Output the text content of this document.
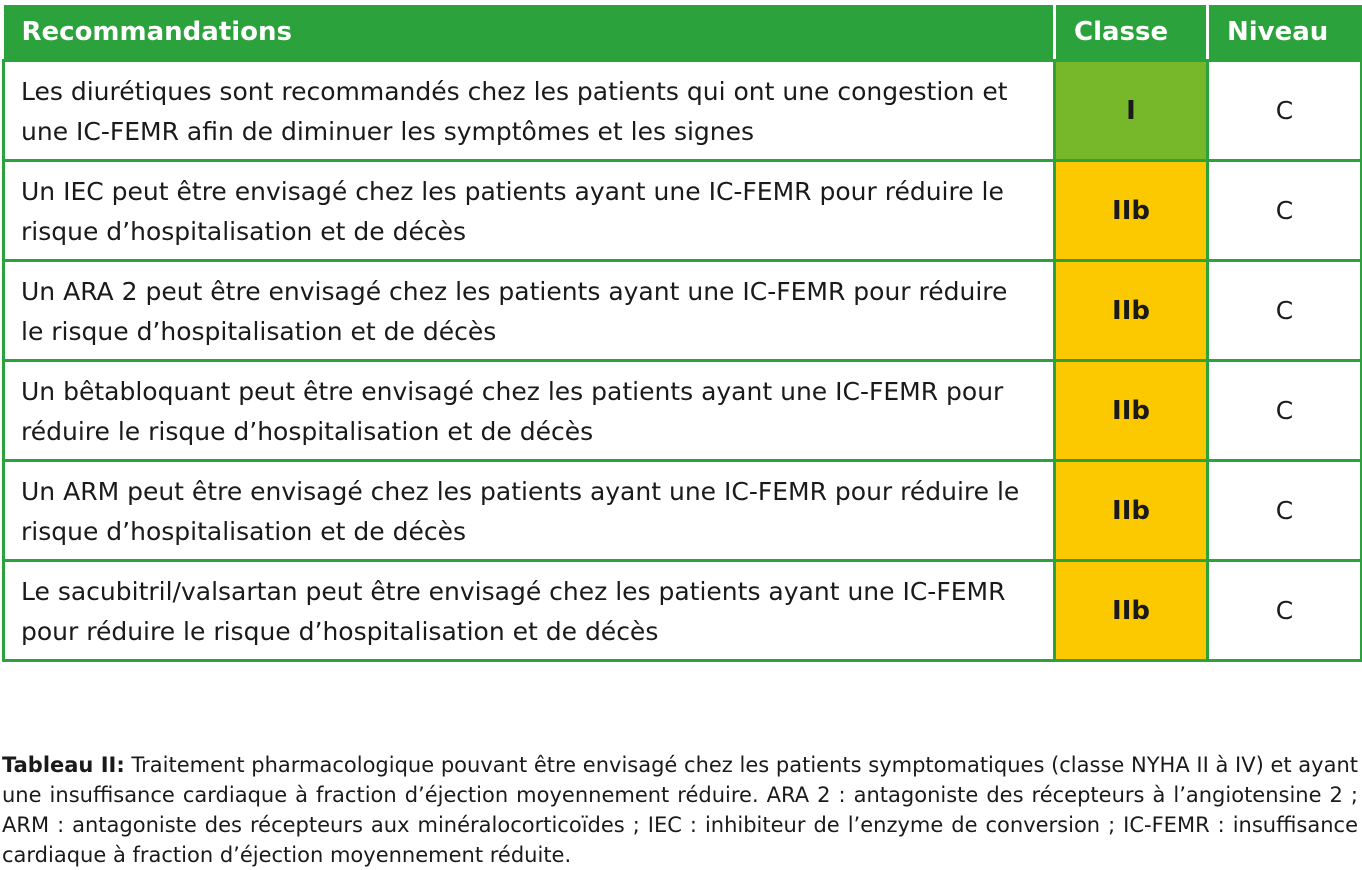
Recommandations	Classe	Niveau
Les diurétiques sont recommandés chez les patients qui ont une congestion et une IC-FEMR afin de diminuer les symptômes et les signes	I	C
Un IEC peut être envisagé chez les patients ayant une IC-FEMR pour réduire le risque d’hospitalisation et de décès	IIb	C
Un ARA 2 peut être envisagé chez les patients ayant une IC-FEMR pour réduire le risque d’hospitalisation et de décès	IIb	C
Un bêtabloquant peut être envisagé chez les patients ayant une IC-FEMR pour réduire le risque d’hospitalisation et de décès	IIb	C
Un ARM peut être envisagé chez les patients ayant une IC-FEMR pour réduire le risque d’hospitalisation et de décès	IIb	C
Le sacubitril/valsartan peut être envisagé chez les patients ayant une IC-FEMR pour réduire le risque d’hospitalisation et de décès	IIb	C

Tableau II: Traitement pharmacologique pouvant être envisagé chez les patients symptomatiques (classe NYHA II à IV) et ayant une insuffisance cardiaque à fraction d’éjection moyennement réduire. ARA 2 : antagoniste des récepteurs à l’angiotensine 2 ; ARM : antagoniste des récepteurs aux minéralocorticoïdes ; IEC : inhibiteur de l’enzyme de conversion ; IC-FEMR : insuffisance cardiaque à fraction d’éjection moyennement réduite.
